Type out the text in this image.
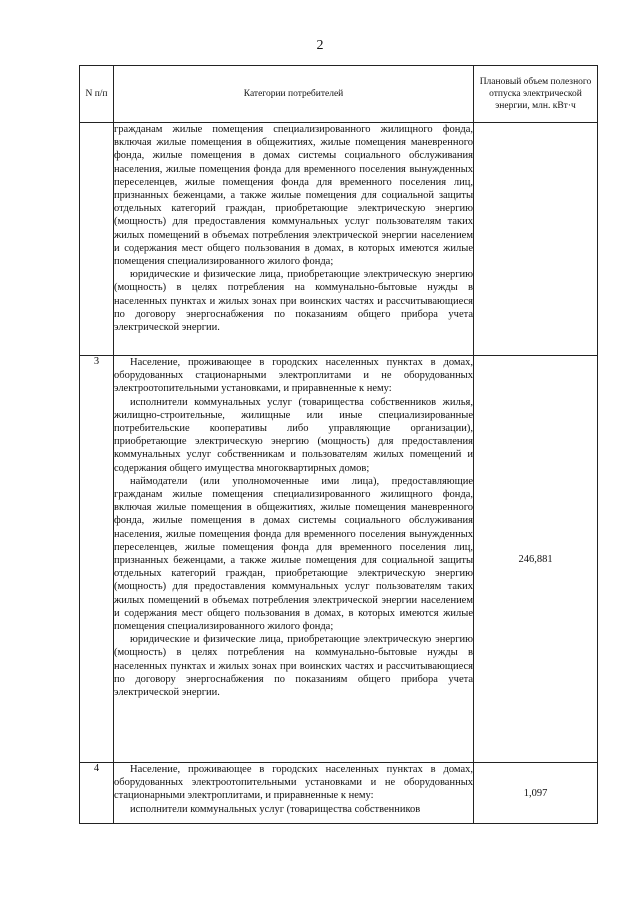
2
N п/п	Категории потребителей	Плановый объем полезного отпуска электрической энергии, млн. кВт·ч

	гражданам жилые помещения специализированного жилищного фонда, включая жилые помещения в общежитиях, жилые помещения маневренного фонда, жилые помещения в домах системы социального обслуживания населения, жилые помещения фонда для временного поселения вынужденных переселенцев, жилые помещения фонда для временного поселения лиц, признанных беженцами, а также жилые помещения для социальной защиты отдельных категорий граждан, приобретающие электрическую энергию (мощность) для предоставления коммунальных услуг пользователям таких жилых помещений в объемах потребления электрической энергии населением и содержания мест общего пользования в домах, в которых имеются жилые помещения специализированного жилого фонда;

юридические и физические лица, приобретающие электрическую энергию (мощность) в целях потребления на коммунально-бытовые нужды в населенных пунктах и жилых зонах при воинских частях и рассчитывающиеся по договору энергоснабжения по показаниям общего прибора учета электрической энергии.	

3	Население, проживающее в городских населенных пунктах в домах, оборудованных стационарными электроплитами и не оборудованных электроотопительными установками, и приравненные к нему:

исполнители коммунальных услуг (товарищества собственников жилья, жилищно-строительные, жилищные или иные специализированные потребительские кооперативы либо управляющие организации), приобретающие электрическую энергию (мощность) для предоставления коммунальных услуг собственникам и пользователям жилых помещений и содержания общего имущества многоквартирных домов;

наймодатели (или уполномоченные ими лица), предоставляющие гражданам жилые помещения специализированного жилищного фонда, включая жилые помещения в общежитиях, жилые помещения маневренного фонда, жилые помещения в домах системы социального обслуживания населения, жилые помещения фонда для временного поселения вынужденных переселенцев, жилые помещения фонда для временного поселения лиц, признанных беженцами, а также жилые помещения для социальной защиты отдельных категорий граждан, приобретающие электрическую энергию (мощность) для предоставления коммунальных услуг пользователям таких жилых помещений в объемах потребления электрической энергии населением и содержания мест общего пользования в домах, в которых имеются жилые помещения специализированного жилого фонда;

юридические и физические лица, приобретающие электрическую энергию (мощность) в целях потребления на коммунально-бытовые нужды в населенных пунктах и жилых зонах при воинских частях и рассчитывающиеся по договору энергоснабжения по показаниям общего прибора учета электрической энергии.	246,881
4	Население, проживающее в городских населенных пунктах в домах, оборудованных электроотопительными установками и не оборудованных стационарными электроплитами, и приравненные к нему:

исполнители коммунальных услуг (товарищества собственников	1,097
